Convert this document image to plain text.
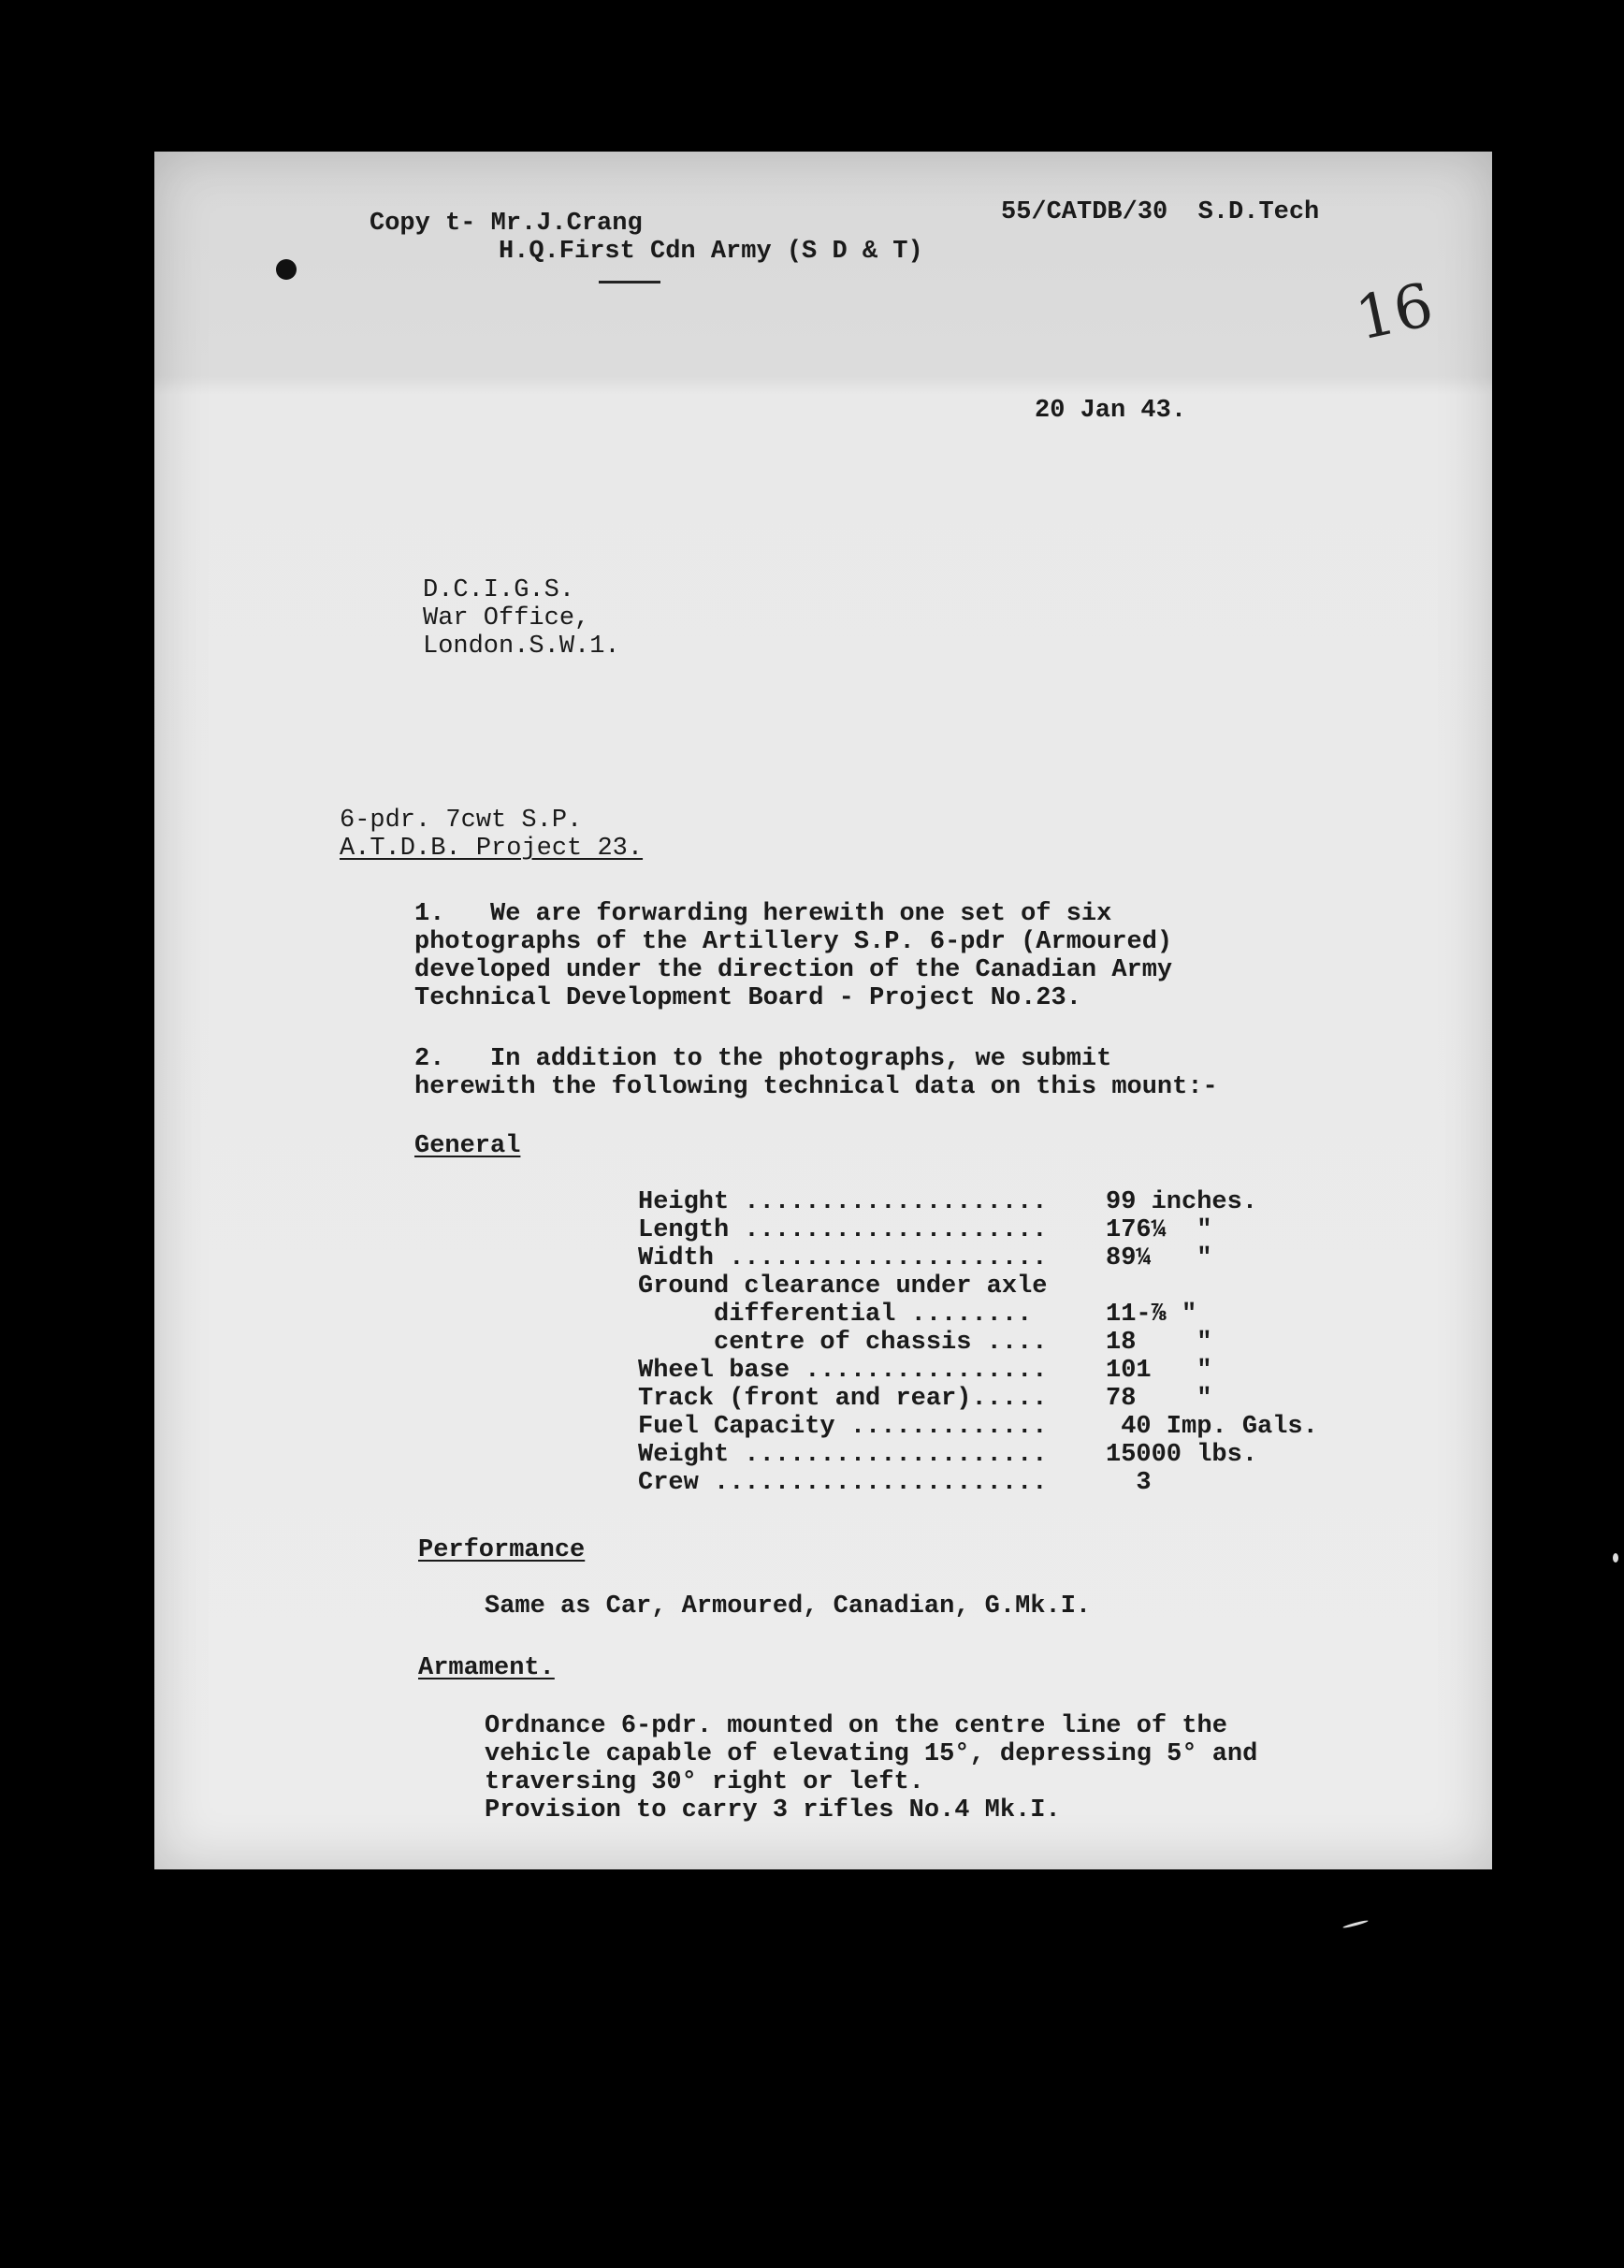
Copy t- Mr.J.Crang
H.Q.First Cdn Army (S D & T)
55/CATDB/30  S.D.Tech
16
20 Jan 43.
D.C.I.G.S.
War Office,
London.S.W.1.
6-pdr. 7cwt S.P.
A.T.D.B. Project 23.
1.   We are forwarding herewith one set of six
photographs of the Artillery S.P. 6-pdr (Armoured)
developed under the direction of the Canadian Army
Technical Development Board - Project No.23.
2.   In addition to the photographs, we submit
herewith the following technical data on this mount:-
General
Height .................... 99 inches.
Length .................... 176¼  "
Width ..................... 89¼   "
Ground clearance under axle
differential ........	11-⅞ "
centre of chassis .... 18    "
Wheel base ................ 101   "
Track (front and rear)..... 78    "
Fuel Capacity ............. 40 Imp. Gals.
Weight .................... 15000 lbs.
Crew ...................... 3
Performance
Same as Car, Armoured, Canadian, G.Mk.I.
Armament.
Ordnance 6-pdr. mounted on the centre line of the
vehicle capable of elevating 15°, depressing 5° and
traversing 30° right or left.
Provision to carry 3 rifles No.4 Mk.I.
